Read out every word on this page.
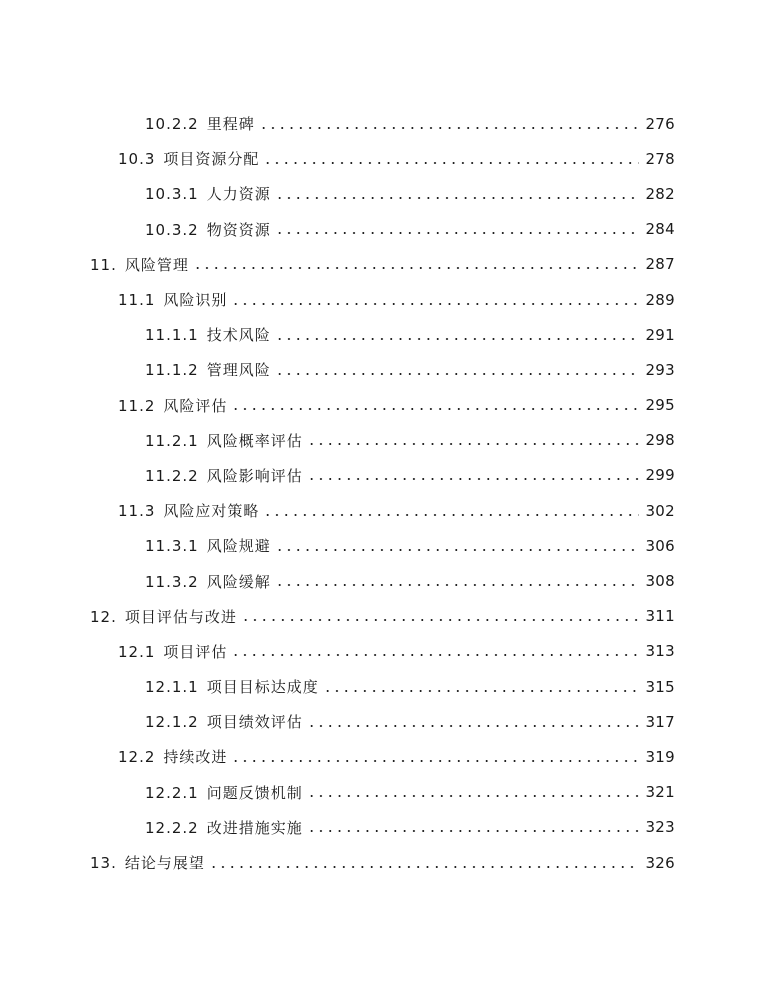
10.2.2 里程碑	276
10.3 项目资源分配	278
10.3.1 人力资源	282
10.3.2 物资资源	284
11. 风险管理	287
11.1 风险识别	289
11.1.1 技术风险	291
11.1.2 管理风险	293
11.2 风险评估	295
11.2.1 风险概率评估	298
11.2.2 风险影响评估	299
11.3 风险应对策略	302
11.3.1 风险规避	306
11.3.2 风险缓解	308
12. 项目评估与改进	311
12.1 项目评估	313
12.1.1 项目目标达成度	315
12.1.2 项目绩效评估	317
12.2 持续改进	319
12.2.1 问题反馈机制	321
12.2.2 改进措施实施	323
13. 结论与展望	326
